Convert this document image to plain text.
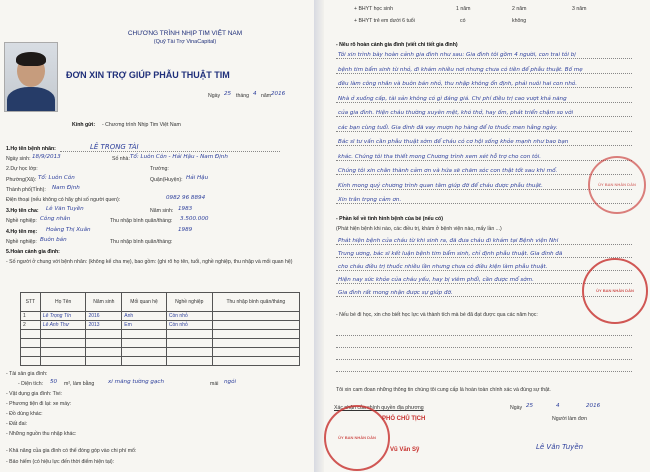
CHƯƠNG TRÌNH NHỊP TIM VIỆT NAM
(Quỹ Tài Trợ VinaCapital)
ĐƠN XIN TRỢ GIÚP PHẪU THUẬT TIM
Ngày 25 tháng 4 năm 2016
Kính gửi: - Chương trình Nhịp Tim Việt Nam
1.Họ tên bệnh nhân:	LÊ TRỌNG TÀI
Ngày sinh: 18/9/2013	Số nhà: Tổ: Luôn Côn - Hải Hậu - Nam Định
2.Dự học lớp:	Trường:
Phường(Xã): Tổ: Luôn Côn	Quận(Huyện): Hải Hậu
Thành phố(Tỉnh): Nam Định
Điện thoại (nếu không có hãy ghi số người quen):	0982 96 8894
3.Họ tên cha: Lê Văn Tuyền	Năm sinh: 1983
Nghề nghiệp: Công nhân	Thu nhập bình quân/tháng: 3.500.000
4.Họ tên mẹ: Hoàng Thị Xuân	1989
Nghề nghiệp: Buôn bán	Thu nhập bình quân/tháng:
5.Hoàn cảnh gia đình:
- Số người ở chung với bệnh nhân: (không kể cha mẹ), bao gồm: (ghi rõ họ tên, tuổi, nghề nghiệp, thu nhập và mối quan hệ)
STT	Họ Tên	Năm sinh	Mối quan hệ	Nghề nghiệp	Thu nhập bình quân/tháng
1	Lê Trọng Tín	2016	Anh	Còn nhỏ	
2	Lê Anh Thư	2013	Em	Còn nhỏ	

- Tài sản gia đình:
- Diện tích: 50 m², làm bằng xi măng tường gạch	mái ngói
- Vật dụng gia đình: Tivi:
- Phương tiện đi lại: xe máy:
- Đồ dùng khác:
- Đất đai:
- Những nguồn thu nhập khác:
- Khả năng của gia đình có thể đóng góp vào chi phí mổ:
- Bảo hiểm (có hiệu lực đến thời điểm hiện tại):
+ BHYT học sinh	1 năm	2 năm	3 năm
+ BHYT trẻ em dưới 6 tuổi	có	không
- Nêu rõ hoàn cảnh gia đình (viết chi tiết gia đình)
Tôi xin trình bày hoàn cảnh gia đình như sau: Gia đình tôi gồm 4 người, con trai tôi bị
bệnh tim bẩm sinh từ nhỏ, đi khám nhiều nơi nhưng chưa có tiền để phẫu thuật. Bố mẹ
đều làm công nhân và buôn bán nhỏ, thu nhập không ổn định, phải nuôi hai con nhỏ.
Nhà ở xuống cấp, tài sản không có gì đáng giá. Chi phí điều trị cao vượt khả năng
của gia đình. Hiện cháu thường xuyên mệt, khó thở, hay ốm, phát triển chậm so với
các bạn cùng tuổi. Gia đình đã vay mượn họ hàng để lo thuốc men hằng ngày.
Bác sĩ tư vấn cần phẫu thuật sớm để cháu có cơ hội sống khỏe mạnh như bao bạn
khác. Chúng tôi tha thiết mong Chương trình xem xét hỗ trợ cho con tôi.
Chúng tôi xin chân thành cảm ơn và hứa sẽ chăm sóc con thật tốt sau khi mổ.
Kính mong quý chương trình quan tâm giúp đỡ để cháu được phẫu thuật.
Xin trân trọng cảm ơn.
- Phần kể về tình hình bệnh của bé (nếu có)
(Phát hiện bệnh khi nào, các điều trị, khám ở bệnh viện nào, mấy lần ...)
Phát hiện bệnh của cháu từ khi sinh ra, đã đưa cháu đi khám tại Bệnh viện Nhi
Trung ương, bác sĩ kết luận bệnh tim bẩm sinh, chỉ định phẫu thuật. Gia đình đã
cho cháu điều trị thuốc nhiều lần nhưng chưa có điều kiện làm phẫu thuật.
Hiện nay sức khỏe của cháu yếu, hay bị viêm phổi, cần được mổ sớm.
Gia đình rất mong nhận được sự giúp đỡ.
- Nếu bé đi học, xin cho biết học lực và thành tích mà bé đã đạt được qua các năm học:
Tôi xin cam đoan những thông tin chúng tôi cung cấp là hoàn toàn chính xác và đúng sự thật.
Xác nhận của chính quyền địa phương
ỦY BAN NHÂN DÂN
PHÓ CHỦ TỊCH
Vũ Văn Sỹ
Ngày 25	4	2016
Người làm đơn
Lê Văn Tuyền
ỦY BAN NHÂN DÂN
ỦY BAN NHÂN DÂN
